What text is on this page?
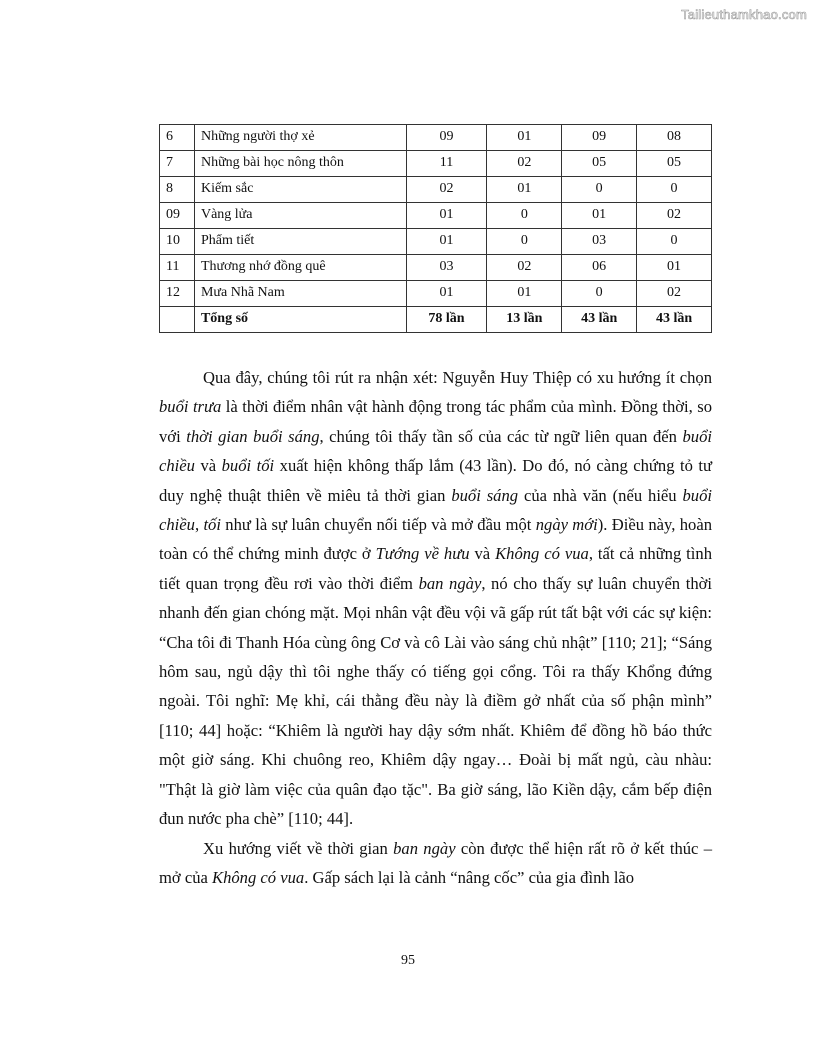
Tailieuthamkhao.com
6	Những người thợ xẻ	09	01	09	08
7	Những bài học nông thôn	11	02	05	05
8	Kiếm sắc	02	01	0	0
09	Vàng lửa	01	0	01	02
10	Phẩm tiết	01	0	03	0
11	Thương nhớ đồng quê	03	02	06	01
12	Mưa Nhã Nam	01	01	0	02
	Tổng số	78 lần	13 lần	43 lần	43 lần

Qua đây, chúng tôi rút ra nhận xét: Nguyễn Huy Thiệp có xu hướng ít chọn buổi trưa là thời điểm nhân vật hành động trong tác phẩm của mình. Đồng thời, so với thời gian buổi sáng, chúng tôi thấy tần số của các từ ngữ liên quan đến buổi chiều và buổi tối xuất hiện không thấp lắm (43 lần). Do đó, nó càng chứng tỏ tư duy nghệ thuật thiên về miêu tả thời gian buổi sáng của nhà văn (nếu hiểu buổi chiều, tối như là sự luân chuyển nối tiếp và mở đầu một ngày mới). Điều này, hoàn toàn có thể chứng minh được ở Tướng về hưu và Không có vua, tất cả những tình tiết quan trọng đều rơi vào thời điểm ban ngày, nó cho thấy sự luân chuyển thời nhanh đến gian chóng mặt. Mọi nhân vật đều vội vã gấp rút tất bật với các sự kiện: “Cha tôi đi Thanh Hóa cùng ông Cơ và cô Lài vào sáng chủ nhật” [110; 21]; “Sáng hôm sau, ngủ dậy thì tôi nghe thấy có tiếng gọi cổng. Tôi ra thấy Khổng đứng ngoài. Tôi nghĩ: Mẹ khỉ, cái thằng đều này là điềm gở nhất của số phận mình” [110; 44] hoặc: “Khiêm là người hay dậy sớm nhất. Khiêm để đồng hồ báo thức một giờ sáng. Khi chuông reo, Khiêm dậy ngay… Đoài bị mất ngủ, càu nhàu: "Thật là giờ làm việc của quân đạo tặc". Ba giờ sáng, lão Kiền dậy, cắm bếp điện đun nước pha chè” [110; 44].

Xu hướng viết về thời gian ban ngày còn được thể hiện rất rõ ở kết thúc – mở của Không có vua. Gấp sách lại là cảnh “nâng cốc” của gia đình lão

95
